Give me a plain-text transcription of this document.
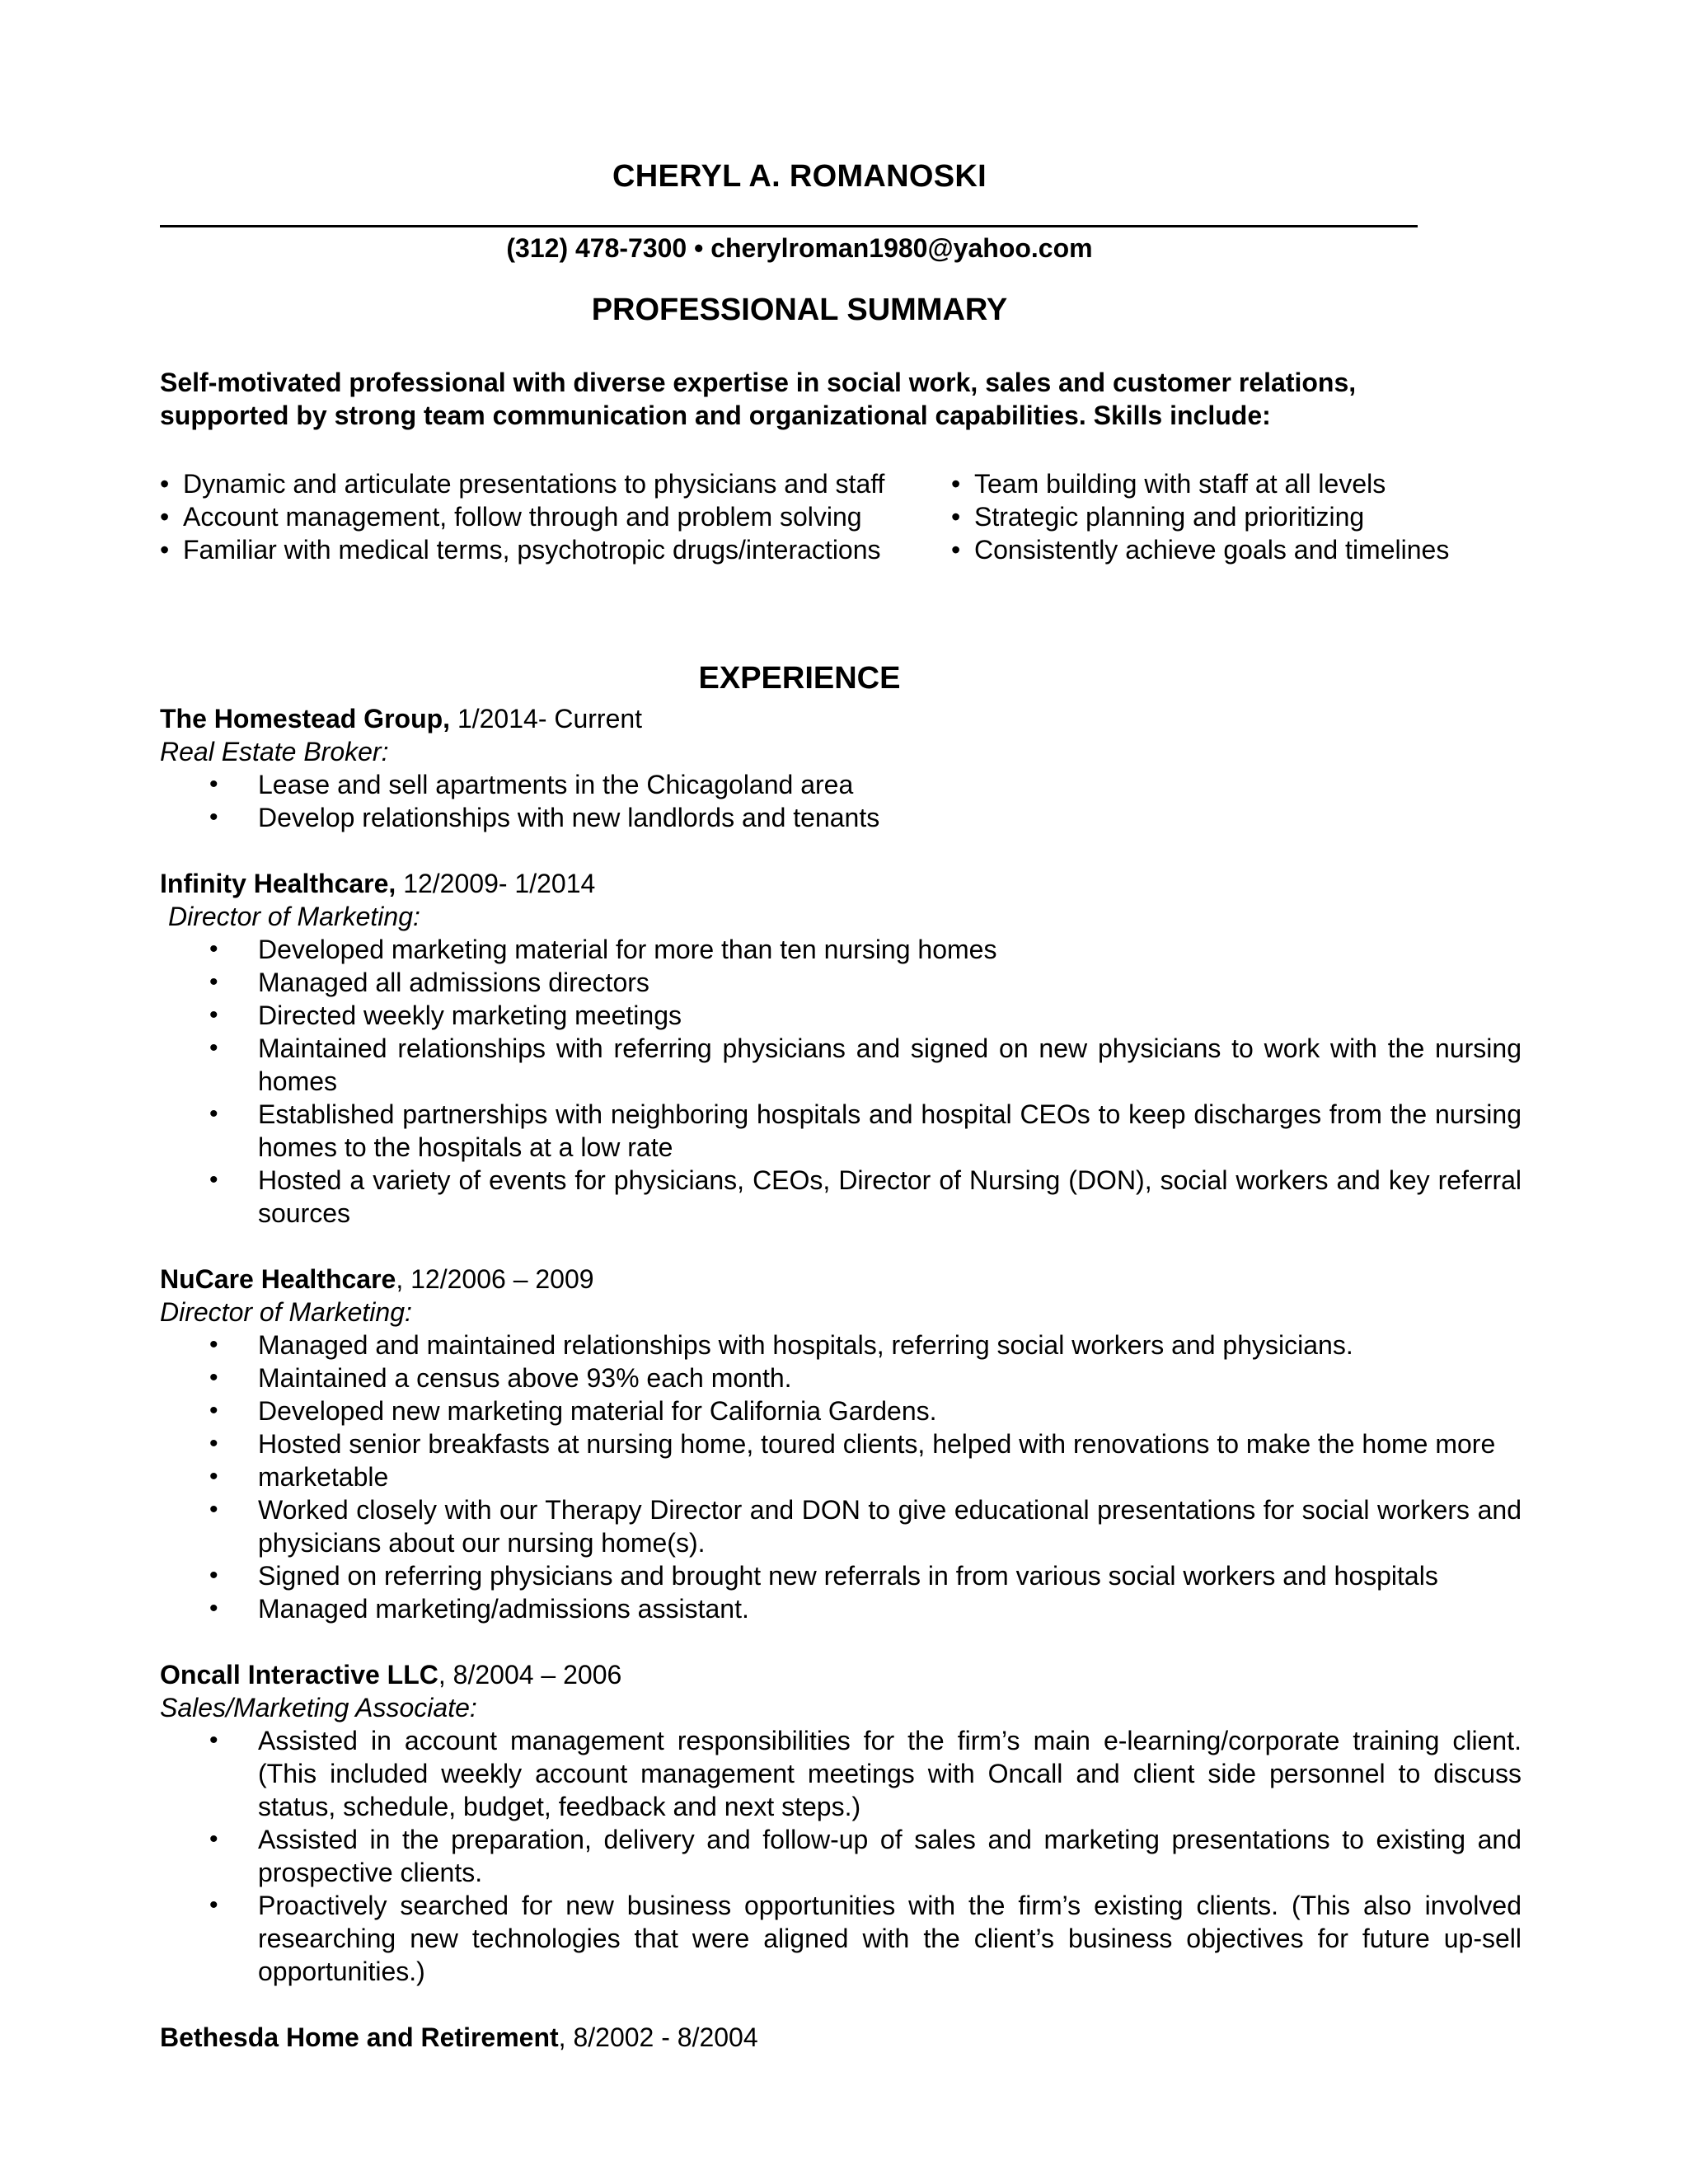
CHERYL A. ROMANOSKI
(312) 478-7300 • cherylroman1980@yahoo.com
PROFESSIONAL SUMMARY
Self-motivated professional with diverse expertise in social work, sales and customer relations,
supported by strong team communication and organizational capabilities. Skills include:
• Dynamic and articulate presentations to physicians and staff
• Account management, follow through and problem solving
• Familiar with medical terms, psychotropic drugs/interactions
• Team building with staff at all levels
• Strategic planning and prioritizing
• Consistently achieve goals and timelines
EXPERIENCE
The Homestead Group, 1/2014- Current
Real Estate Broker:
• Lease and sell apartments in the Chicagoland area
• Develop relationships with new landlords and tenants
Infinity Healthcare, 12/2009- 1/2014
Director of Marketing:
• Developed marketing material for more than ten nursing homes
• Managed all admissions directors
• Directed weekly marketing meetings
• Maintained relationships with referring physicians and signed on new physicians to work with the nursing homes
• Established partnerships with neighboring hospitals and hospital CEOs to keep discharges from the nursing homes to the hospitals at a low rate
• Hosted a variety of events for physicians, CEOs, Director of Nursing (DON), social workers and key referral sources
NuCare Healthcare, 12/2006 – 2009
Director of Marketing:
• Managed and maintained relationships with hospitals, referring social workers and physicians.
• Maintained a census above 93% each month.
• Developed new marketing material for California Gardens.
• Hosted senior breakfasts at nursing home, toured clients, helped with renovations to make the home more
• marketable
• Worked closely with our Therapy Director and DON to give educational presentations for social workers and physicians about our nursing home(s).
• Signed on referring physicians and brought new referrals in from various social workers and hospitals
• Managed marketing/admissions assistant.
Oncall Interactive LLC, 8/2004 – 2006
Sales/Marketing Associate:
• Assisted in account management responsibilities for the firm’s main e-learning/corporate training client. (This included weekly account management meetings with Oncall and client side personnel to discuss status, schedule, budget, feedback and next steps.)
• Assisted in the preparation, delivery and follow-up of sales and marketing presentations to existing and prospective clients.
• Proactively searched for new business opportunities with the firm’s existing clients. (This also involved researching new technologies that were aligned with the client’s business objectives for future up-sell opportunities.)
Bethesda Home and Retirement, 8/2002 - 8/2004
